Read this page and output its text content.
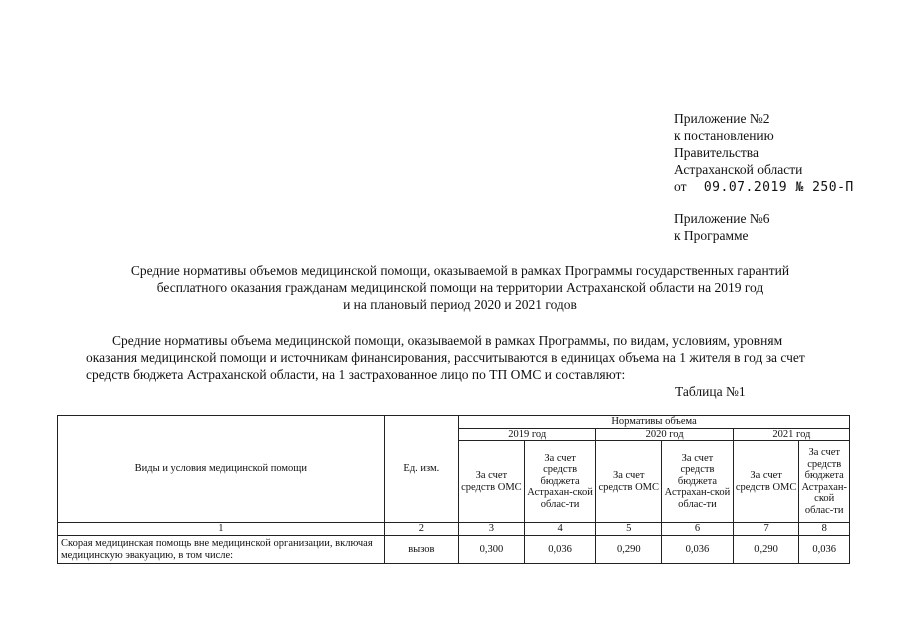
Приложение №2
к постановлению
Правительства
Астраханской области
от 09.07.2019 № 250-П
Приложение №6
к Программе
Средние нормативы объемов медицинской помощи, оказываемой в рамках Программы государственных гарантий
бесплатного оказания гражданам медицинской помощи на территории Астраханской области на 2019 год
и на плановый период 2020 и 2021 годов
Средние нормативы объема медицинской помощи, оказываемой в рамках Программы, по видам, условиям, уровням
оказания медицинской помощи и источникам финансирования, рассчитываются в единицах объема на 1 жителя в год за счет
средств бюджета Астраханской области, на 1 застрахованное лицо по ТП ОМС и составляют:
Таблица №1
Виды и условия медицинской помощи	Ед. изм.	Нормативы объема					
		2019 год		2020 год		2021 год	
		За счет средств ОМС	За счет средств бюджета Астрахан-ской облас-ти	За счет средств ОМС	За счет средств бюджета Астрахан-ской облас-ти	За счет средств ОМС	За счет средств бюджета Астрахан-ской облас-ти
1	2	3	4	5	6	7	8
Скорая медицинская помощь вне медицинской организации, включая медицинскую эвакуацию, в том числе:	вызов	0,300	0,036	0,290	0,036	0,290	0,036
